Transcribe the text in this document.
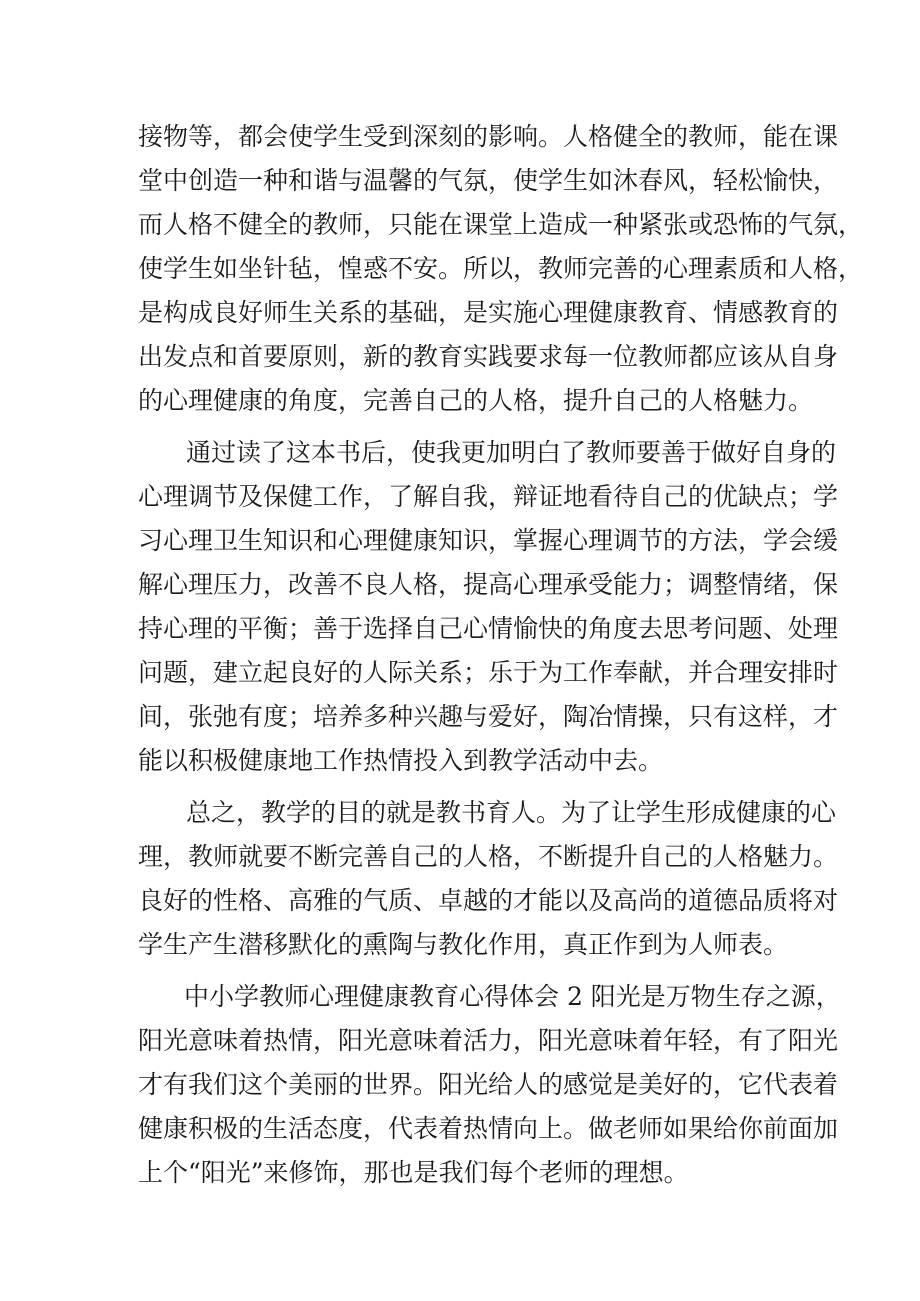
接物等，都会使学生受到深刻的影响。人格健全的教师，能在课
堂中创造一种和谐与温馨的气氛，使学生如沐春风，轻松愉快，
而人格不健全的教师，只能在课堂上造成一种紧张或恐怖的气氛，
使学生如坐针毡，惶惑不安。所以，教师完善的心理素质和人格，
是构成良好师生关系的基础，是实施心理健康教育、情感教育的
出发点和首要原则，新的教育实践要求每一位教师都应该从自身
的心理健康的角度，完善自己的人格，提升自己的人格魅力。
通过读了这本书后，使我更加明白了教师要善于做好自身的
心理调节及保健工作，了解自我，辩证地看待自己的优缺点；学
习心理卫生知识和心理健康知识，掌握心理调节的方法，学会缓
解心理压力，改善不良人格，提高心理承受能力；调整情绪，保
持心理的平衡；善于选择自己心情愉快的角度去思考问题、处理
问题，建立起良好的人际关系；乐于为工作奉献，并合理安排时
间，张弛有度；培养多种兴趣与爱好，陶冶情操，只有这样，才
能以积极健康地工作热情投入到教学活动中去。
总之，教学的目的就是教书育人。为了让学生形成健康的心
理，教师就要不断完善自己的人格，不断提升自己的人格魅力。
良好的性格、高雅的气质、卓越的才能以及高尚的道德品质将对
学生产生潜移默化的熏陶与教化作用，真正作到为人师表。
中小学教师心理健康教育心得体会 2 阳光是万物生存之源，
阳光意味着热情，阳光意味着活力，阳光意味着年轻，有了阳光
才有我们这个美丽的世界。阳光给人的感觉是美好的，它代表着
健康积极的生活态度，代表着热情向上。做老师如果给你前面加
上个“阳光”来修饰，那也是我们每个老师的理想。
